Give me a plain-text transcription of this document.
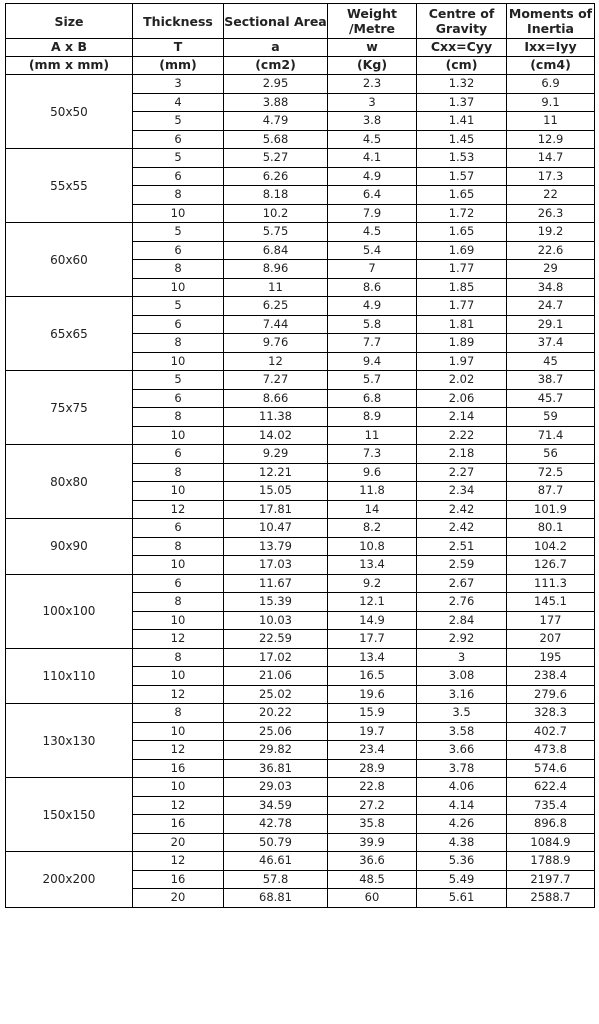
Size	Thickness	Sectional Area	Weight /Metre	Centre of Gravity	Moments of Inertia
A x B	T	a	w	Cxx=Cyy	Ixx=Iyy
(mm x mm)	(mm)	(cm2)	(Kg)	(cm)	(cm4)
50x50	3	2.95	2.3	1.32	6.9
	4	3.88	3	1.37	9.1
	5	4.79	3.8	1.41	11
	6	5.68	4.5	1.45	12.9
55x55	5	5.27	4.1	1.53	14.7
	6	6.26	4.9	1.57	17.3
	8	8.18	6.4	1.65	22
	10	10.2	7.9	1.72	26.3
60x60	5	5.75	4.5	1.65	19.2
	6	6.84	5.4	1.69	22.6
	8	8.96	7	1.77	29
	10	11	8.6	1.85	34.8
65x65	5	6.25	4.9	1.77	24.7
	6	7.44	5.8	1.81	29.1
	8	9.76	7.7	1.89	37.4
	10	12	9.4	1.97	45
75x75	5	7.27	5.7	2.02	38.7
	6	8.66	6.8	2.06	45.7
	8	11.38	8.9	2.14	59
	10	14.02	11	2.22	71.4
80x80	6	9.29	7.3	2.18	56
	8	12.21	9.6	2.27	72.5
	10	15.05	11.8	2.34	87.7
	12	17.81	14	2.42	101.9
90x90	6	10.47	8.2	2.42	80.1
	8	13.79	10.8	2.51	104.2
	10	17.03	13.4	2.59	126.7
100x100	6	11.67	9.2	2.67	111.3
	8	15.39	12.1	2.76	145.1
	10	10.03	14.9	2.84	177
	12	22.59	17.7	2.92	207
110x110	8	17.02	13.4	3	195
	10	21.06	16.5	3.08	238.4
	12	25.02	19.6	3.16	279.6
130x130	8	20.22	15.9	3.5	328.3
	10	25.06	19.7	3.58	402.7
	12	29.82	23.4	3.66	473.8
	16	36.81	28.9	3.78	574.6
150x150	10	29.03	22.8	4.06	622.4
	12	34.59	27.2	4.14	735.4
	16	42.78	35.8	4.26	896.8
	20	50.79	39.9	4.38	1084.9
200x200	12	46.61	36.6	5.36	1788.9
	16	57.8	48.5	5.49	2197.7
	20	68.81	60	5.61	2588.7
